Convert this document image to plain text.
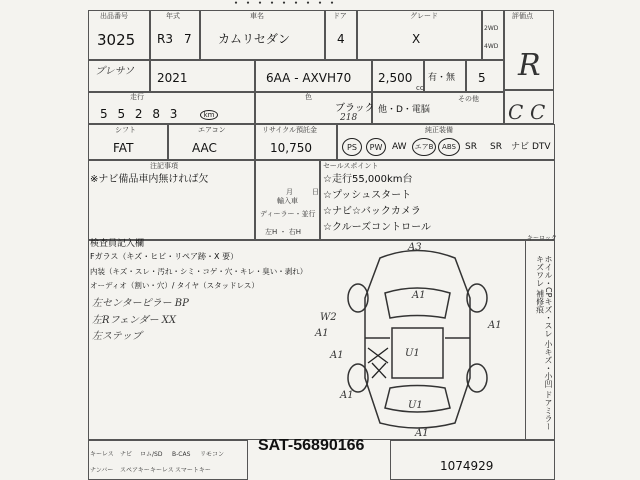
・・・・・・・・・
出品番号
3025
年式
R3 7
車名
カムリセダン
ドア
4
グレード
X
2WD
4WD
評価点
R
プレサソ 2021	6AA - AXVH70 2,500
cc
有・無 5
走行
5 5 2 8 3	km
色
ブラック
218
他・D・電脳
その他
C C
シフト
FAT
エアコン
AAC
リサイクル預託金
10,750
純正装備
PS	PW	AW	エアB	ABS	SR SR ナビ DTV
注記事項
※ナビ備品車内無ければ欠
月	日
輸入車
ディーラー・並行
左H ・ 右H
セールスポイント
☆走行55,000km台
☆プッシュスタート
☆ナビ☆バックカメラ
☆クルーズコントロール
検査員記入欄
Fガラス（キズ・ヒビ・リペア跡・X 要）
内装（キズ・スレ・汚れ・シミ・コゲ・穴・キレ・臭い・剥れ）
オーディオ（割い・穴）/ タイヤ（スタッドレス）
左センターピラー BP
左Rフェンダー XX
左ステップ
A3
A1
A1
W2
A1
A1	U1
U1
A1
A1
キーロック
ホイル・CPキズ・スレ 小キズ・小凹 ドアミラーキズワレ 補修痕
キーレス ナビ ロム/SD B-CAS リモコン
ナンバー スペアキー キーレス スマートキー
SAT-56890166
1074929
